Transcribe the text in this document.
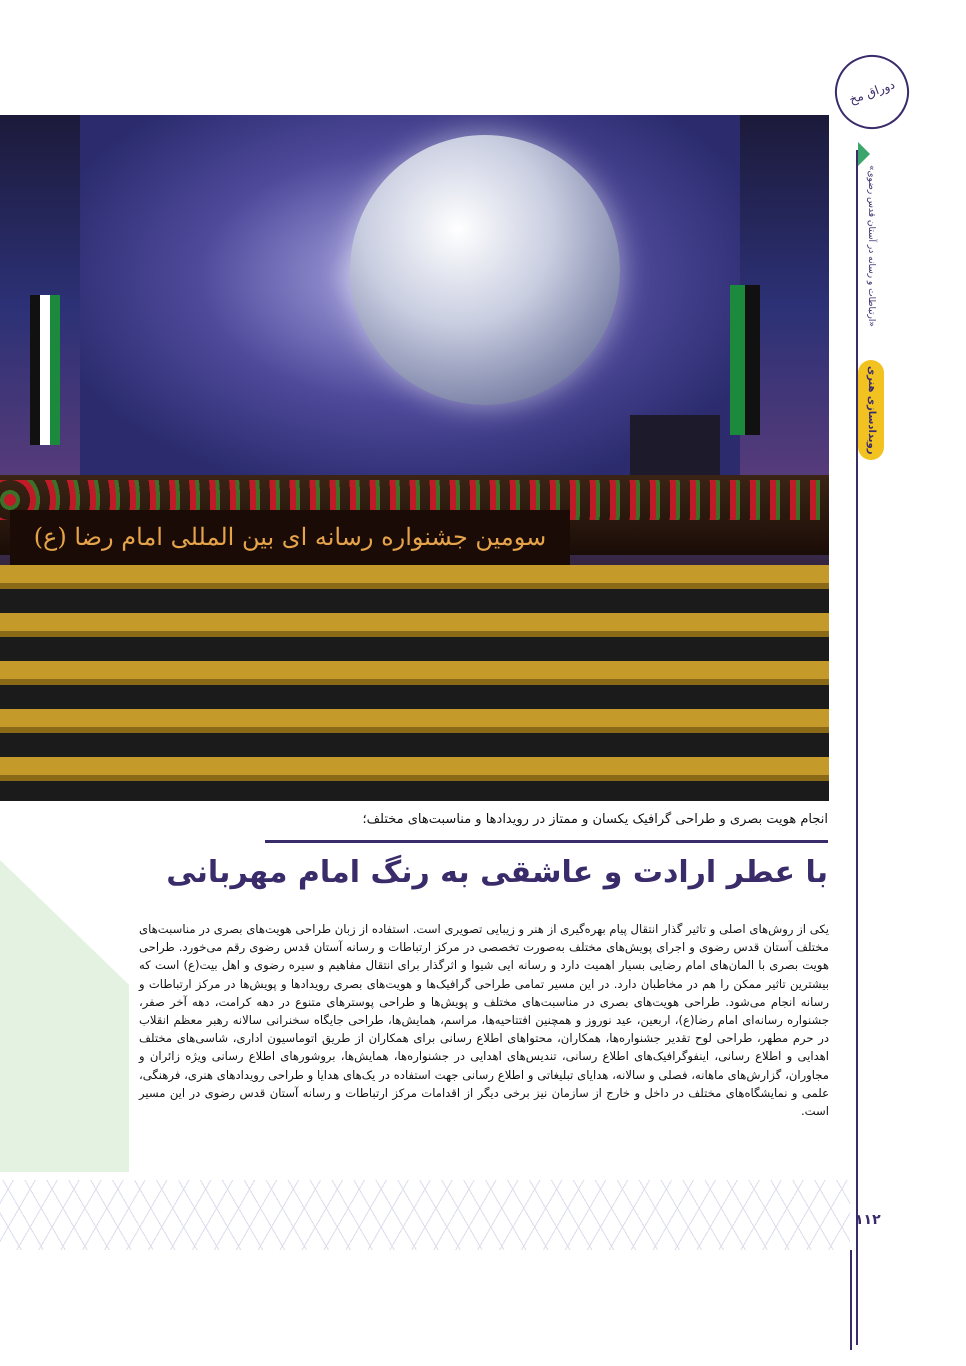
دوراق مخ
سومین جشنواره رسانه ای بین المللی امام رضا (ع)
«ارتباطات و رسانه در آستان قدس رضوی»
رویدادسازی هنری
انجام هویت بصری و طراحی گرافیک یکسان و ممتاز در رویدادها و مناسبت‌های مختلف؛
با عطر ارادت و عاشقی به رنگ امام مهربانی
یکی از روش‌های اصلی و تاثیر گذار انتقال پیام بهره‌گیری از هنر و زیبایی تصویری است. استفاده از زبان طراحی هویت‌های بصری در مناسبت‌های مختلف آستان قدس رضوی و اجرای پویش‌های مختلف به‌صورت تخصصی در مرکز ارتباطات و رسانه آستان قدس رضوی رقم می‌خورد. طراحی هویت بصری با المان‌های امام رضایی بسیار اهمیت دارد و رسانه ایی شیوا و اثرگذار برای انتقال مفاهیم و سیره رضوی و اهل بیت(ع) است که بیشترین تاثیر ممکن را هم در مخاطبان دارد. در این مسیر تمامی طراحی گرافیک‌ها و هویت‌های بصری رویدادها و پویش‌ها در مرکز ارتباطات و رسانه انجام می‌شود. طراحی هویت‌های بصری در مناسبت‌های مختلف و پویش‌ها و طراحی پوسترهای متنوع در دهه کرامت، دهه آخر صفر، جشنواره رسانه‌ای امام رضا(ع)، اربعین، عید نوروز و همچنین افتتاحیه‌ها، مراسم، همایش‌ها، طراحی جایگاه سخنرانی سالانه رهبر معظم انقلاب در حرم مطهر، طراحی لوح تقدیر جشنواره‌ها، همکاران، محتواهای اطلاع رسانی برای همکاران از طریق اتوماسیون اداری، شاسی‌های مختلف اهدایی و اطلاع رسانی، اینفوگرافیک‌های اطلاع رسانی، تندیس‌های اهدایی در جشنواره‌ها، همایش‌ها، بروشورهای اطلاع رسانی ویژه زائران و مجاوران، گزارش‌های ماهانه، فصلی و سالانه، هدایای تبلیغاتی و اطلاع رسانی جهت استفاده در یک‌های هدایا و طراحی رویدادهای هنری، فرهنگی، علمی و نمایشگاه‌های مختلف در داخل و خارج از سازمان نیز برخی دیگر از اقدامات مرکز ارتباطات و رسانه آستان قدس رضوی در این مسیر است.
۱۱۲
